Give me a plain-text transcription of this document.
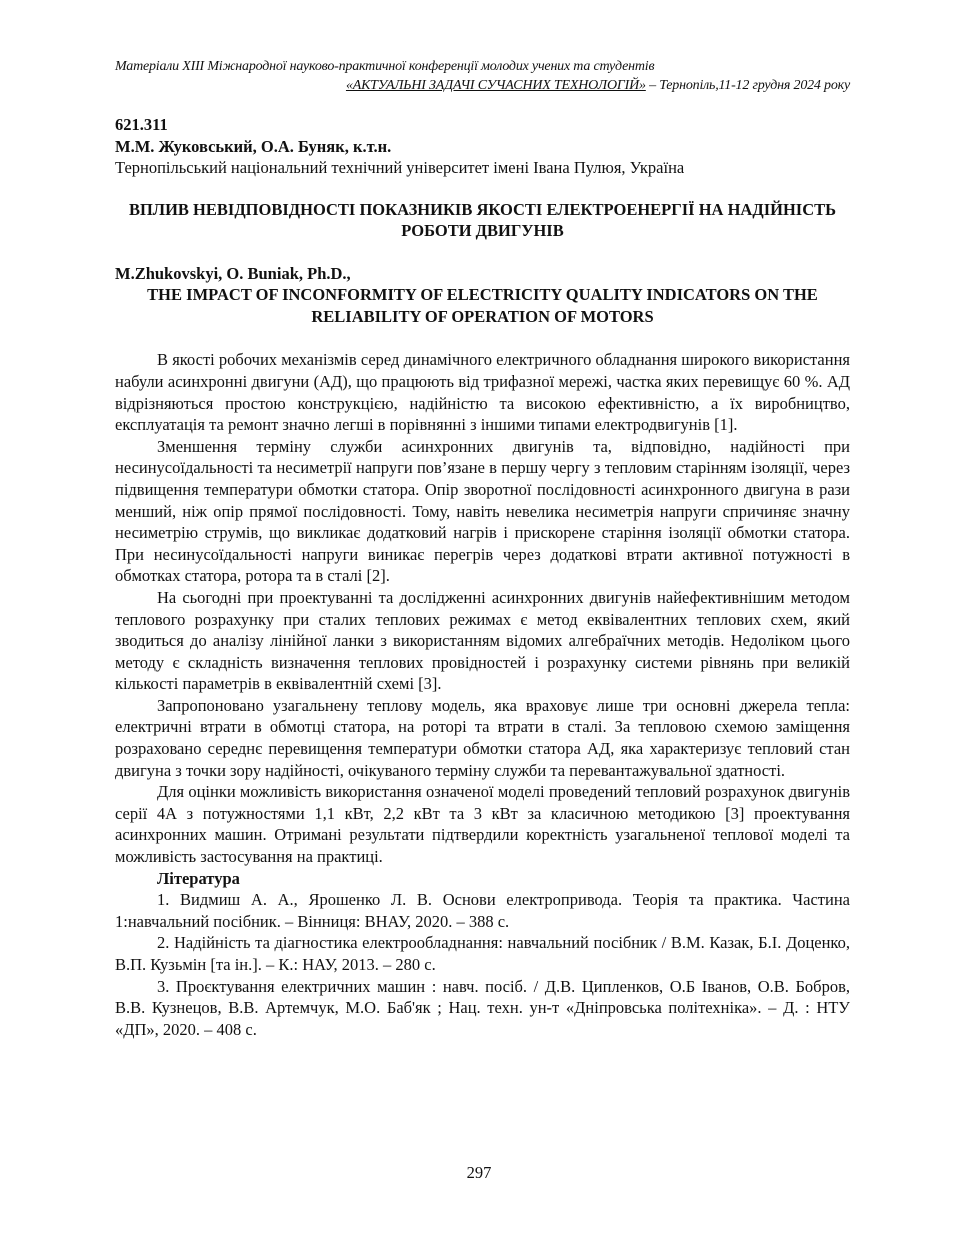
Матеріали XIII Міжнародної науково-практичної конференції молодих учених та студентів
«АКТУАЛЬНІ ЗАДАЧІ СУЧАСНИХ ТЕХНОЛОГІЙ» – Тернопіль,11-12 грудня 2024 року
621.311
М.М. Жуковський, О.А. Буняк, к.т.н.
Тернопільський національний технічний університет імені Івана Пулюя, Україна
ВПЛИВ НЕВІДПОВІДНОСТІ ПОКАЗНИКІВ ЯКОСТІ ЕЛЕКТРОЕНЕРГІЇ НА НАДІЙНІСТЬ РОБОТИ ДВИГУНІВ
M.Zhukovskyi, O. Buniak, Ph.D.,
THE IMPACT OF INCONFORMITY OF ELECTRICITY QUALITY INDICATORS ON THE RELIABILITY OF OPERATION OF MOTORS

В якості робочих механізмів серед динамічного електричного обладнання широкого використання набули асинхронні двигуни (АД), що працюють від трифазної мережі, частка яких перевищує 60 %. АД відрізняються простою конструкцією, надійністю та високою ефективністю, а їх виробництво, експлуатація та ремонт значно легші в порівнянні з іншими типами електродвигунів [1].

Зменшення терміну служби асинхронних двигунів та, відповідно, надійності при несинусоїдальності та несиметрії напруги пов’язане в першу чергу з тепловим старінням ізоляції, через підвищення температури обмотки статора. Опір зворотної послідовності асинхронного двигуна в рази менший, ніж опір прямої послідовності. Тому, навіть невелика несиметрія напруги спричиняє значну несиметрію струмів, що викликає додатковий нагрів і прискорене старіння ізоляції обмотки статора. При несинусоїдальності напруги виникає перегрів через додаткові втрати активної потужності в обмотках статора, ротора та в сталі [2].

На сьогодні при проектуванні та дослідженні асинхронних двигунів найефективнішим методом теплового розрахунку при сталих теплових режимах є метод еквівалентних теплових схем, який зводиться до аналізу лінійної ланки з використанням відомих алгебраїчних методів. Недоліком цього методу є складність визначення теплових провідностей і розрахунку системи рівнянь при великій кількості параметрів в еквівалентній схемі [3].

Запропоновано узагальнену теплову модель, яка враховує лише три основні джерела тепла: електричні втрати в обмотці статора, на роторі та втрати в сталі. За тепловою схемою заміщення розраховано середнє перевищення температури обмотки статора АД, яка характеризує тепловий стан двигуна з точки зору надійності, очікуваного терміну служби та перевантажувальної здатності.

Для оцінки можливість використання означеної моделі проведений тепловий розрахунок двигунів серії 4А з потужностями 1,1 кВт, 2,2 кВт та 3 кВт за класичною методикою [3] проектування асинхронних машин. Отримані результати підтвердили коректність узагальненої теплової моделі та можливість застосування на практиці.

Література

1. Видмиш А. А., Ярошенко Л. В. Основи електропривода. Теорія та практика. Частина 1:навчальний посібник. – Вінниця: ВНАУ, 2020. – 388 с.

2. Надійність та діагностика електрообладнання: навчальний посібник / В.М. Казак, Б.І. Доценко, В.П. Кузьмін [та ін.]. – К.: НАУ, 2013. – 280 с.

3. Проєктування електричних машин : навч. посіб. / Д.В. Ципленков, О.Б Іванов, О.В. Бобров, В.В. Кузнецов, В.В. Артемчук, М.О. Баб'як ; Нац. техн. ун-т «Дніпровська політехніка». – Д. : НТУ «ДП», 2020. – 408 с.

297
